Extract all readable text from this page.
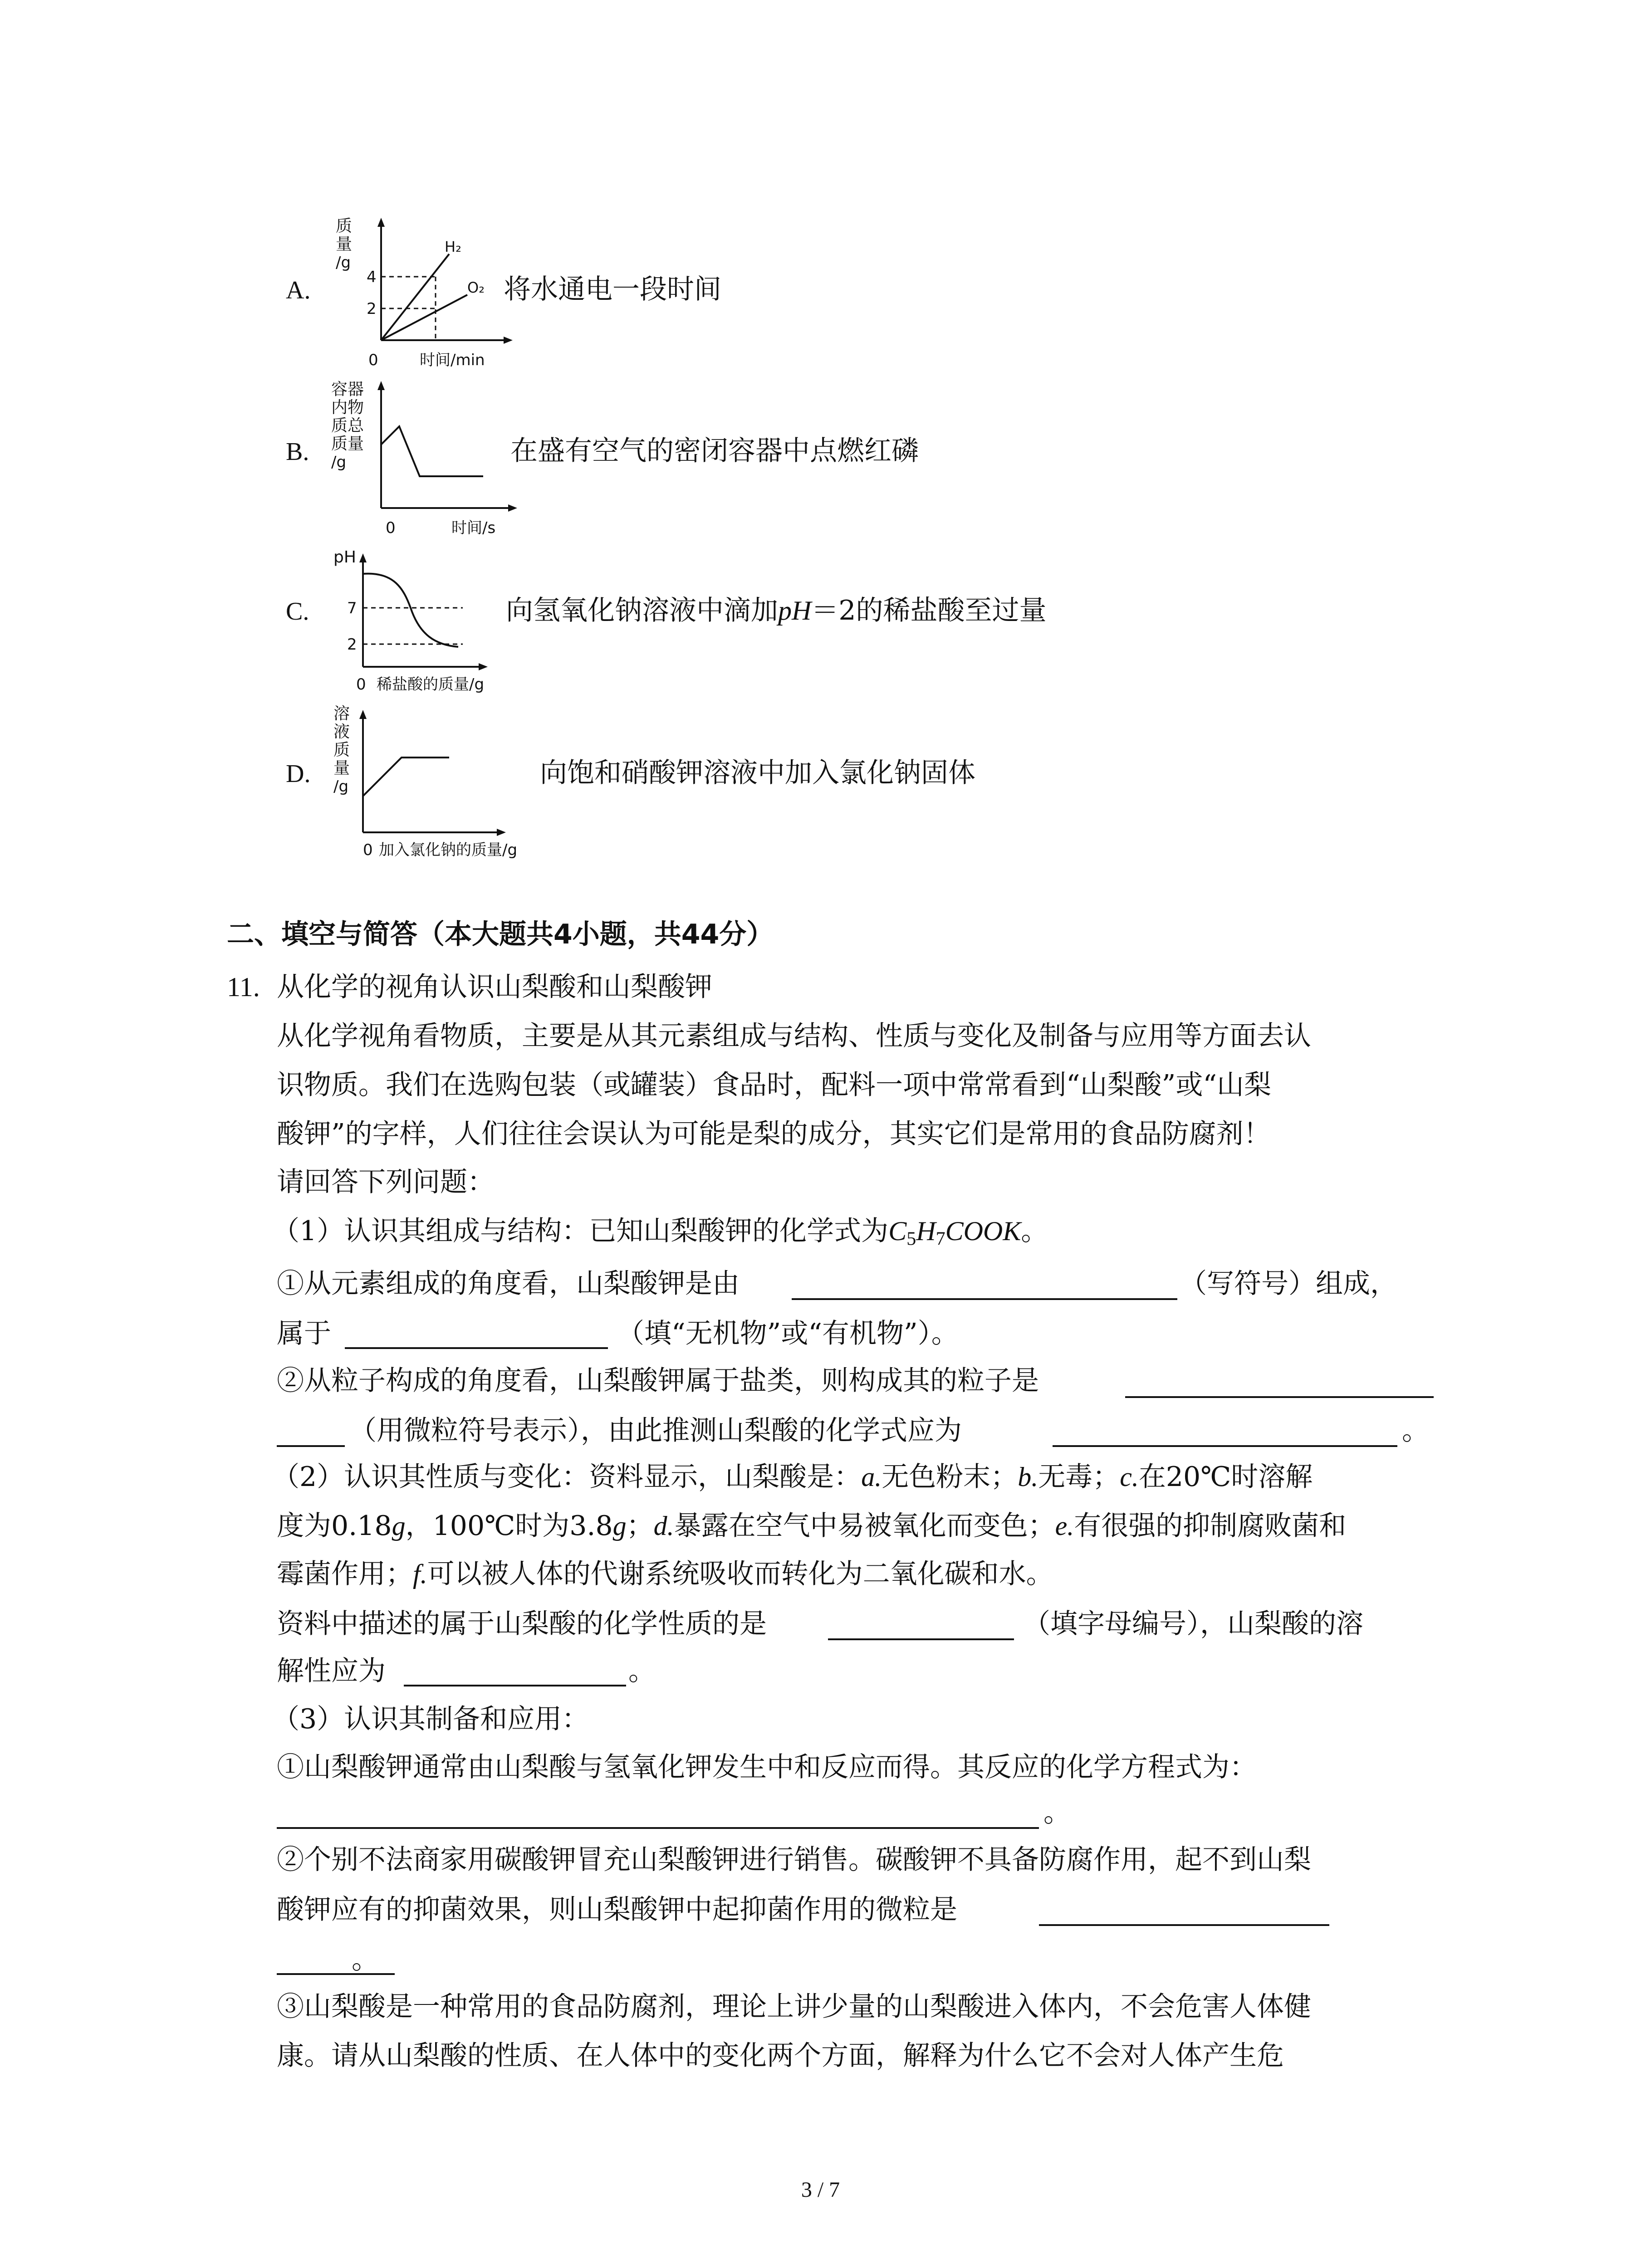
A.
质
量
/g
H₂
O₂
4
2
0	时间/min
将水通电一段时间
B.
容器
内物
质总
质量
/g
0	时间/s
在盛有空气的密闭容器中点燃红磷
C.
pH
7
2
0 稀盐酸的质量/g
向氢氧化钠溶液中滴加pH＝2的稀盐酸至过量
D.
溶
液
质
量
/g
0 加入氯化钠的质量/g
向饱和硝酸钾溶液中加入氯化钠固体
二、填空与简答（本大题共4小题，共44分）
11. 从化学的视角认识山梨酸和山梨酸钾
从化学视角看物质，主要是从其元素组成与结构、性质与变化及制备与应用等方面去认
识物质。我们在选购包装（或罐装）食品时，配料一项中常常看到“山梨酸”或“山梨
酸钾”的字样，人们往往会误认为可能是梨的成分，其实它们是常用的食品防腐剂！
请回答下列问题：
（1）认识其组成与结构：已知山梨酸钾的化学式为$C_5H_7COOK$。
①从元素组成的角度看，山梨酸钾是由	（写符号）组成，
属于	（填“无机物”或“有机物”）。
②从粒子构成的角度看，山梨酸钾属于盐类，则构成其的粒子是
（用微粒符号表示），由此推测山梨酸的化学式应为	。
（2）认识其性质与变化：资料显示，山梨酸是：a.无色粉末；b.无毒；c.在20℃时溶解
度为0.18g，100℃时为3.8g；d.暴露在空气中易被氧化而变色；e.有很强的抑制腐败菌和
霉菌作用；f.可以被人体的代谢系统吸收而转化为二氧化碳和水。
资料中描述的属于山梨酸的化学性质的是	（填字母编号），山梨酸的溶
解性应为	。
（3）认识其制备和应用：
①山梨酸钾通常由山梨酸与氢氧化钾发生中和反应而得。其反应的化学方程式为：
。
②个别不法商家用碳酸钾冒充山梨酸钾进行销售。碳酸钾不具备防腐作用，起不到山梨
酸钾应有的抑菌效果，则山梨酸钾中起抑菌作用的微粒是
。
③山梨酸是一种常用的食品防腐剂，理论上讲少量的山梨酸进入体内，不会危害人体健
康。请从山梨酸的性质、在人体中的变化两个方面，解释为什么它不会对人体产生危
3 / 7
